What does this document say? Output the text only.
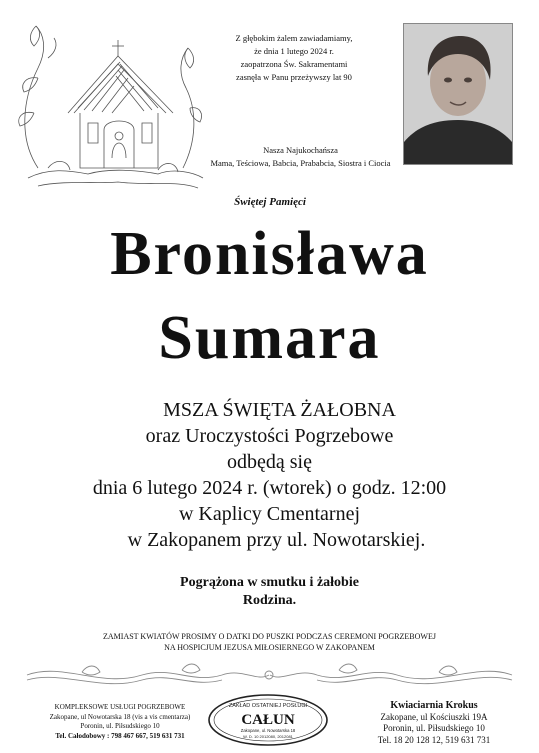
Z głębokim żalem zawiadamiamy,
że dnia 1 lutego 2024 r.
zaopatrzona Św. Sakramentami
zasnęła w Panu przeżywszy lat 90
Nasza Najukochańsza
Mama, Teściowa, Babcia, Prababcia, Siostra i Ciocia
Świętej Pamięci
Bronisława
Sumara
MSZA ŚWIĘTA ŻAŁOBNA
oraz Uroczystości Pogrzebowe
odbędą się
dnia 6 lutego 2024 r. (wtorek) o godz. 12:00
w Kaplicy Cmentarnej
w Zakopanem przy ul. Nowotarskiej.
Pogrążona w smutku i żałobie
Rodzina.
ZAMIAST KWIATÓW PROSIMY O DATKI DO PUSZKI PODCZAS CEREMONI POGRZEBOWEJ
NA HOSPICJUM JEZUSA MIŁOSIERNEGO W ZAKOPANEM
KOMPLEKSOWE USŁUGI POGRZEBOWE
Zakopane, ul Nowotarska 18 (vis a vis cmentarza)
Poronin, ul. Piłsudskiego 10
Tel. Całodobowy : 798 467 667, 519 631 731
ZAKŁAD OSTATNIEJ POSŁUGI
CAŁUN
Zakopane, ul. Nowotarska 18
W. D. 10 2012080, 2012081
Kwiaciarnia Krokus
Zakopane, ul Kościuszki 19A
Poronin, ul. Piłsudskiego 10
Tel. 18 20 128 12, 519 631 731
